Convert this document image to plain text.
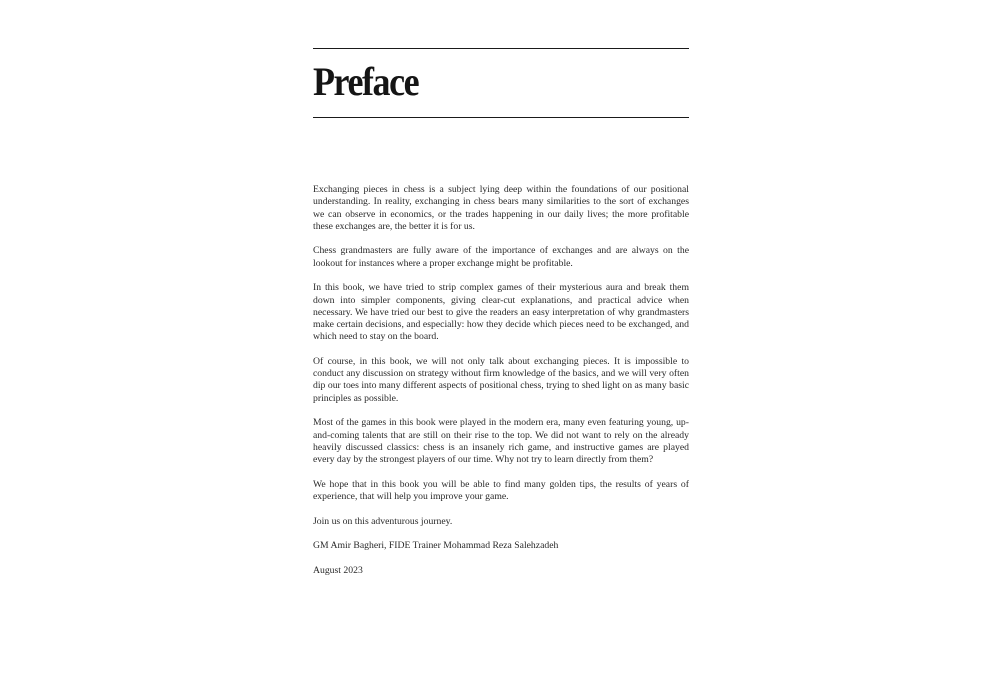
Preface

Exchanging pieces in chess is a subject lying deep within the foundations of our positional understanding. In reality, exchanging in chess bears many similarities to the sort of exchanges we can observe in economics, or the trades happening in our daily lives; the more profitable these exchanges are, the better it is for us.

Chess grandmasters are fully aware of the importance of exchanges and are always on the lookout for instances where a proper exchange might be profitable.

In this book, we have tried to strip complex games of their mysterious aura and break them down into simpler components, giving clear-cut explanations, and practical advice when necessary. We have tried our best to give the readers an easy interpretation of why grandmasters make certain decisions, and especially: how they decide which pieces need to be exchanged, and which need to stay on the board.

Of course, in this book, we will not only talk about exchanging pieces. It is impossible to conduct any discussion on strategy without firm knowledge of the basics, and we will very often dip our toes into many different aspects of positional chess, trying to shed light on as many basic principles as possible.

Most of the games in this book were played in the modern era, many even featuring young, up-and-coming talents that are still on their rise to the top. We did not want to rely on the already heavily discussed classics: chess is an insanely rich game, and instructive games are played every day by the strongest players of our time. Why not try to learn directly from them?

We hope that in this book you will be able to find many golden tips, the results of years of experience, that will help you improve your game.

Join us on this adventurous journey.

GM Amir Bagheri, FIDE Trainer Mohammad Reza Salehzadeh

August 2023
